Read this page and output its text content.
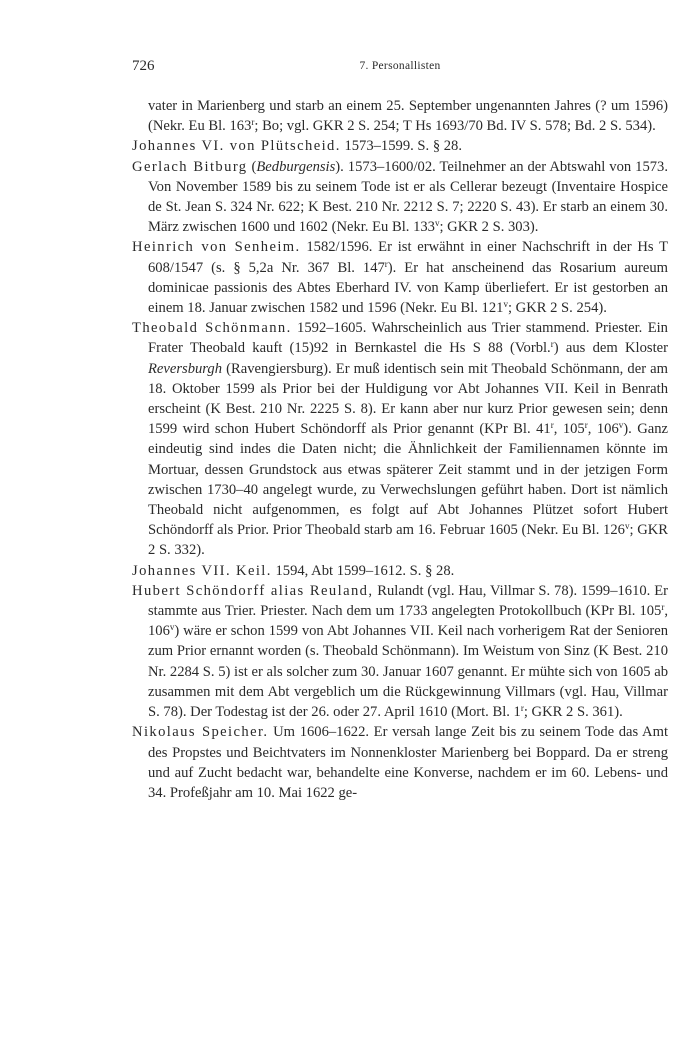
726	7. Personallisten

vater in Marienberg und starb an einem 25. September ungenannten Jahres (? um 1596) (Nekr. Eu Bl. 163$^r$; Bo; vgl. GKR 2 S. 254; T Hs 1693/70 Bd. IV S. 578; Bd. 2 S. 534).

Johannes VI. von Plütscheid. 1573–1599. S. § 28.

Gerlach Bitburg (Bedburgensis). 1573–1600/02. Teilnehmer an der Abtswahl von 1573. Von November 1589 bis zu seinem Tode ist er als Cellerar bezeugt (Inventaire Hospice de St. Jean S. 324 Nr. 622; K Best. 210 Nr. 2212 S. 7; 2220 S. 43). Er starb an einem 30. März zwischen 1600 und 1602 (Nekr. Eu Bl. 133$^v$; GKR 2 S. 303).

Heinrich von Senheim. 1582/1596. Er ist erwähnt in einer Nachschrift in der Hs T 608/1547 (s. § 5,2a Nr. 367 Bl. 147$^r$). Er hat anscheinend das Rosarium aureum dominicae passionis des Abtes Eberhard IV. von Kamp überliefert. Er ist gestorben an einem 18. Januar zwischen 1582 und 1596 (Nekr. Eu Bl. 121$^v$; GKR 2 S. 254).

Theobald Schönmann. 1592–1605. Wahrscheinlich aus Trier stammend. Priester. Ein Frater Theobald kauft (15)92 in Bernkastel die Hs S 88 (Vorbl.$^r$) aus dem Kloster Reversburgh (Ravengiersburg). Er muß identisch sein mit Theobald Schönmann, der am 18. Oktober 1599 als Prior bei der Huldigung vor Abt Johannes VII. Keil in Benrath erscheint (K Best. 210 Nr. 2225 S. 8). Er kann aber nur kurz Prior gewesen sein; denn 1599 wird schon Hubert Schöndorff als Prior genannt (KPr Bl. 41$^r$, 105$^r$, 106$^v$). Ganz eindeutig sind indes die Daten nicht; die Ähnlichkeit der Familiennamen könnte im Mortuar, dessen Grundstock aus etwas späterer Zeit stammt und in der jetzigen Form zwischen 1730–40 angelegt wurde, zu Verwechslungen geführt haben. Dort ist nämlich Theobald nicht aufgenommen, es folgt auf Abt Johannes Plützet sofort Hubert Schöndorff als Prior. Prior Theobald starb am 16. Februar 1605 (Nekr. Eu Bl. 126$^v$; GKR 2 S. 332).

Johannes VII. Keil. 1594, Abt 1599–1612. S. § 28.

Hubert Schöndorff alias Reuland, Rulandt (vgl. Hau, Villmar S. 78). 1599–1610. Er stammte aus Trier. Priester. Nach dem um 1733 angelegten Protokollbuch (KPr Bl. 105$^r$, 106$^v$) wäre er schon 1599 von Abt Johannes VII. Keil nach vorherigem Rat der Senioren zum Prior ernannt worden (s. Theobald Schönmann). Im Weistum von Sinz (K Best. 210 Nr. 2284 S. 5) ist er als solcher zum 30. Januar 1607 genannt. Er mühte sich von 1605 ab zusammen mit dem Abt vergeblich um die Rückgewinnung Villmars (vgl. Hau, Villmar S. 78). Der Todestag ist der 26. oder 27. April 1610 (Mort. Bl. 1$^r$; GKR 2 S. 361).

Nikolaus Speicher. Um 1606–1622. Er versah lange Zeit bis zu seinem Tode das Amt des Propstes und Beichtvaters im Nonnenkloster Marienberg bei Boppard. Da er streng und auf Zucht bedacht war, behandelte eine Konverse, nachdem er im 60. Lebens- und 34. Profeßjahr am 10. Mai 1622 ge-
